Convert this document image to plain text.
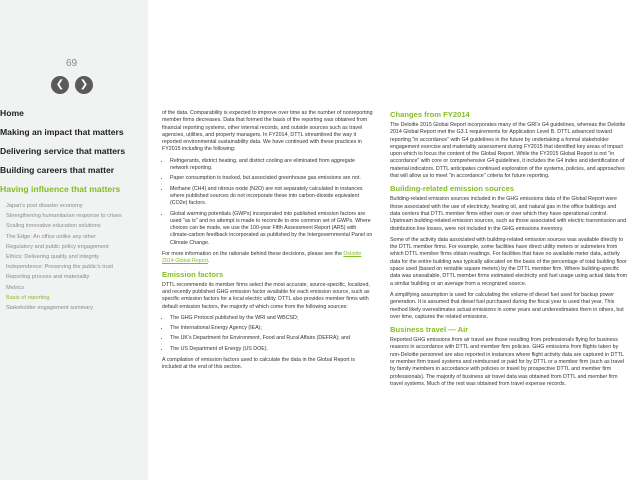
69
❮	❯
Home
Making an impact that matters
Delivering service that matters
Building careers that matter
Having influence that matters
Japan's post disaster economy
Strengthening humanitarian response to crises
Scaling innovative education solutions
The Edge: An office unlike any other
Regulatory and public policy engagement
Ethics: Delivering quality and integrity
Independence: Preserving the public's trust
Reporting process and materiality
Metrics
Basis of reporting
Stakeholder engagement summary

of the data. Comparability is expected to improve over time as the number of nonreporting member firms decreases. Data that formed the basis of the reporting was obtained from financial reporting systems, other internal records, and outside sources such as travel agencies, utilities, and property managers. In FY2014, DTTL streamlined the way it reported environmental sustainability data. We have continued with these practices in FY2015 including the following:

• Refrigerants, district heating, and district cooling are eliminated from aggregate network reporting.
• Paper consumption is tracked, but associated greenhouse gas emissions are not.
• Methane (CH4) and nitrous oxide (N2O) are not separately calculated in instances where published sources do not incorporate these into carbon-dioxide equivalent (CO2e) factors.
• Global warming potentials (GWPs) incorporated into published emission factors are used "as is" and no attempt is made to reconcile to one common set of GWPs. Where choices can be made, we use the 100-year Fifth Assessment Report (AR5) with climate-carbon feedback incorporated as published by the Intergovernmental Panel on Climate Change.

For more information on the rationale behind these decisions, please see the Deloitte 2014 Global Report.

Emission factors

DTTL recommends its member firms select the most accurate, source-specific, localized, and recently published GHG emission factor available for each emission source, such as specific emission factors for a local electric utility. DTTL also provides member firms with default emission factors, the majority of which come from the following sources:

• The GHG Protocol published by the WRI and WBCSD;
• The International Energy Agency (IEA);
• The UK's Department for Environment, Food and Rural Affairs (DEFRA); and
• The US Department of Energy (US DOE).

A compilation of emission factors used to calculate the data in the Global Report is included at the end of this section.

Changes from FY2014

The Deloitte 2015 Global Report incorporates many of the GRI's G4 guidelines, whereas the Deloitte 2014 Global Report met the G3.1 requirements for Application Level B. DTTL advanced toward reporting "in accordance" with G4 guidelines in the future by undertaking a formal stakeholder engagement exercise and materiality assessment during FY2015 that identified key areas of impact upon which to focus the content of the Global Report. While the FY2015 Global Report is not "in accordance" with core or comprehensive G4 guidelines, it includes the G4 index and identification of material indicators. DTTL anticipates continued exploration of the systems, policies, and approaches that will allow us to meet "in accordance" criteria for future reporting.

Building-related emission sources

Building-related emission sources included in the GHG emissions data of the Global Report were those associated with the use of electricity, heating oil, and natural gas in the office buildings and data centers that DTTL member firms either own or over which they have operational control. Upstream building-related emission sources, such as those associated with electric transmission and distribution line losses, were not included in the GHG emissions inventory.

Some of the activity data associated with building-related emission sources was available directly to the DTTL member firms. For example, some facilities have direct utility meters or submeters from which DTTL member firms obtain readings. For facilities that have no available meter data, activity data for the entire building was typically allocated on the basis of the percentage of total building floor space used (based on rentable square meters) by the DTTL member firm. Where building-specific data was unavailable, DTTL member firms estimated electricity and fuel usage using actual data from a similar building or an average from a recognized source.

A simplifying assumption is used for calculating the volume of diesel fuel used for backup power generation. It is assumed that diesel fuel purchased during the fiscal year is used that year. This method likely overestimates actual emissions in some years and underestimates them in others, but over time, captures the related emissions.

Business travel — Air

Reported GHG emissions from air travel are those resulting from professionals flying for business reasons in accordance with DTTL and member firm policies. GHG emissions from flights taken by non-Deloitte personnel are also reported in instances where flight activity data are captured in DTTL or member firm travel systems and reimbursed or paid for by DTTL or a member firm (such as travel by family members in accordance with policies or travel by prospective DTTL and member firm professionals). The majority of business air travel data was obtained from DTTL and member firm travel systems. Much of the rest was obtained from travel expense records.
